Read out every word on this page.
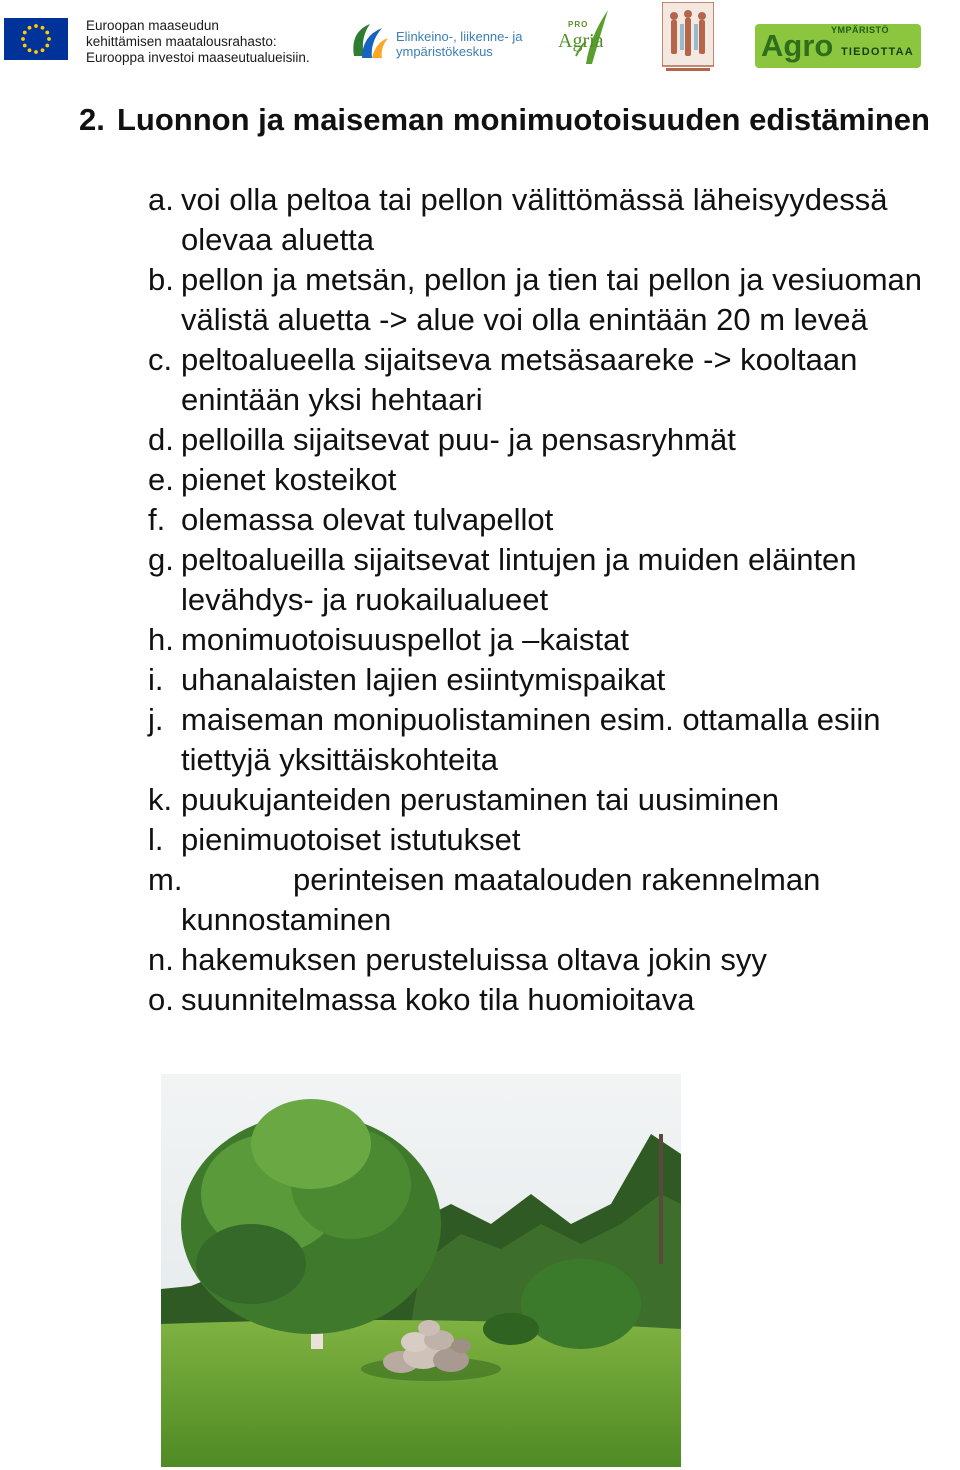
Euroopan maaseudun
kehittämisen maatalousrahasto:
Eurooppa investoi maaseutualueisiin.
Elinkeino-, liikenne- ja
ympäristökeskus
PRO
Agria	YMPÄRISTÖ
Agro TIEDOTTAA
2. Luonnon ja maiseman monimuotoisuuden edistäminen
a. voi olla peltoa tai pellon välittömässä läheisyydessä olevaa aluetta
b. pellon ja metsän, pellon ja tien tai pellon ja vesiuoman välistä aluetta -> alue voi olla enintään 20 m leveä
c. peltoalueella sijaitseva metsäsaareke -> kooltaan enintään yksi hehtaari
d. pelloilla sijaitsevat puu- ja pensasryhmät
e. pienet kosteikot
f. olemassa olevat tulvapellot
g. peltoalueilla sijaitsevat lintujen ja muiden eläinten levähdys- ja ruokailualueet
h. monimuotoisuuspellot ja –kaistat
i. uhanalaisten lajien esiintymispaikat
j. maiseman monipuolistaminen esim. ottamalla esiin tiettyjä yksittäiskohteita
k. puukujanteiden perustaminen tai uusiminen
l. pienimuotoiset istutukset
m.	perinteisen maatalouden rakennelman
kunnostaminen
n. hakemuksen perusteluissa oltava jokin syy
o. suunnitelmassa koko tila huomioitava
